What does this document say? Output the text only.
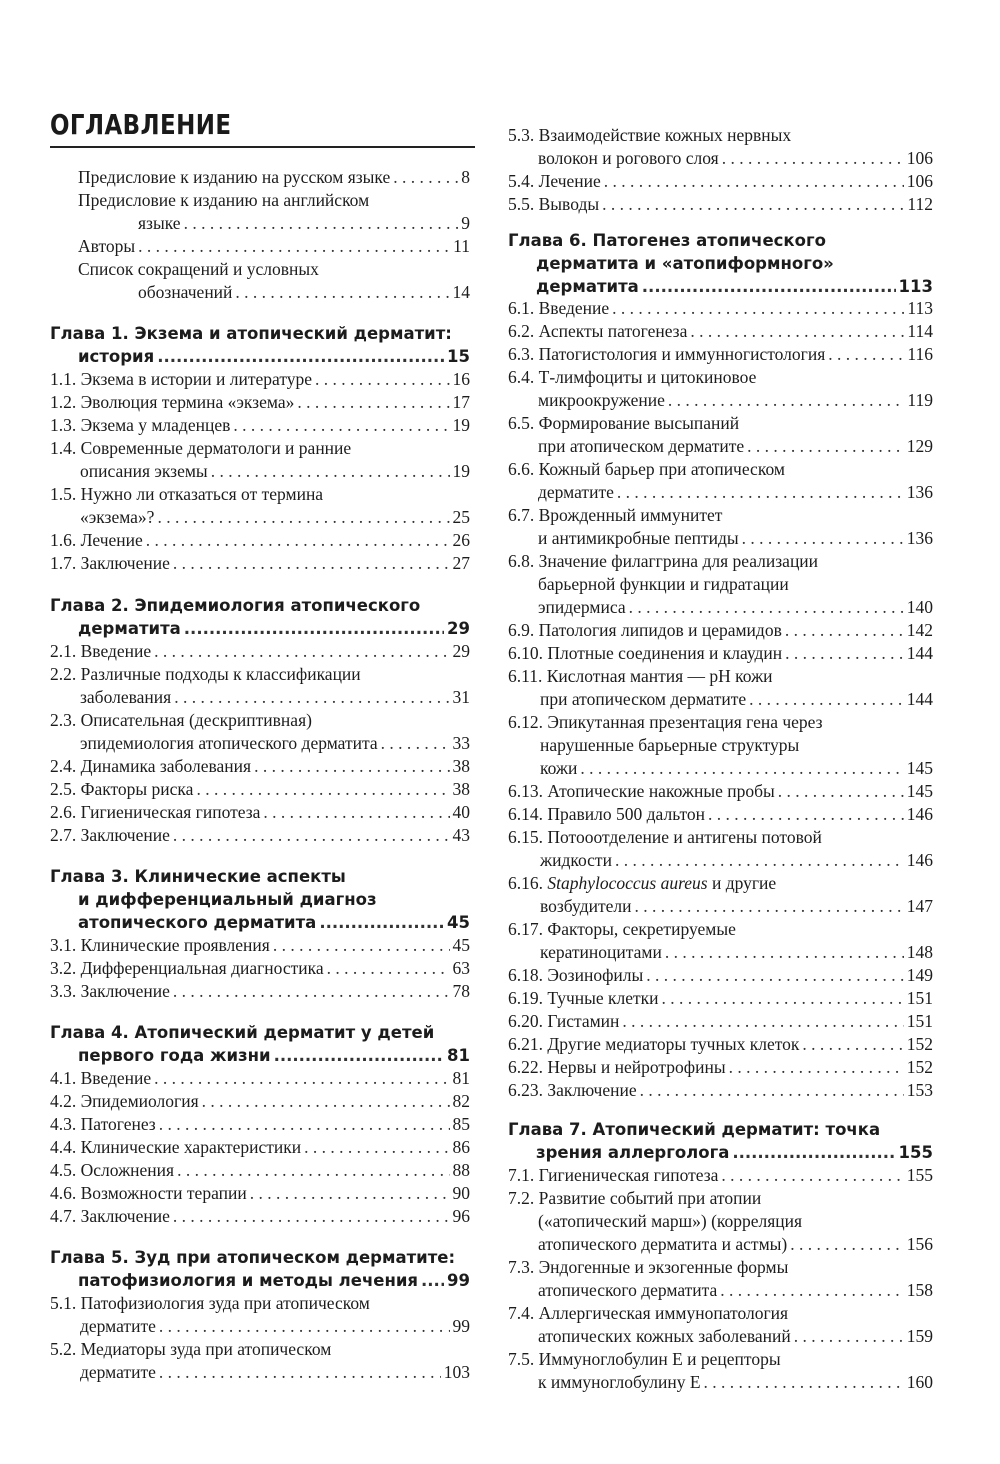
ОГЛАВЛЕНИЕ
Предисловие к изданию на русском языке . . .	8
Предисловие к изданию на английском
языке . . .	9
Авторы . . .	11
Список сокращений и условных
обозначений . . .	14
Глава 1. Экзема и атопический дерматит:
история .....	15
1.1. Экзема в истории и литературе . . .	16
1.2. Эволюция термина «экзема» . . .	17
1.3. Экзема у младенцев . . .	19
1.4. Современные дерматологи и ранние
описания экземы . . .	19
1.5. Нужно ли отказаться от термина
«экзема»? . . .	25
1.6. Лечение . . .	26
1.7. Заключение . . .	27
Глава 2. Эпидемиология атопического
дерматита .....	29
2.1. Введение . . .	29
2.2. Различные подходы к классификации
заболевания . . .	31
2.3. Описательная (дескриптивная)
эпидемиология атопического дерматита . . .	33
2.4. Динамика заболевания . . .	38
2.5. Факторы риска . . .	38
2.6. Гигиеническая гипотеза . . .	40
2.7. Заключение . . .	43
Глава 3. Клинические аспекты
и дифференциальный диагноз
атопического дерматита .....	45
3.1. Клинические проявления . . .	45
3.2. Дифференциальная диагностика . . .	63
3.3. Заключение . . .	78
Глава 4. Атопический дерматит у детей
первого года жизни .....	81
4.1. Введение . . .	81
4.2. Эпидемиология . . .	82
4.3. Патогенез . . .	85
4.4. Клинические характеристики . . .	86
4.5. Осложнения . . .	88
4.6. Возможности терапии . . .	90
4.7. Заключение . . .	96
Глава 5. Зуд при атопическом дерматите:
патофизиология и методы лечения ..... 99
5.1. Патофизиология зуда при атопическом
дерматите . . .	99
5.2. Медиаторы зуда при атопическом
дерматите . . .	103
5.3. Взаимодействие кожных нервных
волокон и рогового слоя . . .	106
5.4. Лечение . . .	106
5.5. Выводы . . .	112
Глава 6. Патогенез атопического
дерматита и «атопиформного»
дерматита .....	113
6.1. Введение . . .	113
6.2. Аспекты патогенеза . . .	114
6.3. Патогистология и иммунногистология . . .	116
6.4. Т-лимфоциты и цитокиновое
микроокружение . . .	119
6.5. Формирование высыпаний
при атопическом дерматите . . .	129
6.6. Кожный барьер при атопическом
дерматите . . .	136
6.7. Врожденный иммунитет
и антимикробные пептиды . . .	136
6.8. Значение филаггрина для реализации
барьерной функции и гидратации
эпидермиса . . .	140
6.9. Патология липидов и церамидов . . .	142
6.10. Плотные соединения и клаудин . . .	144
6.11. Кислотная мантия — pH кожи
при атопическом дерматите . . .	144
6.12. Эпикутанная презентация гена через
нарушенные барьерные структуры
кожи . . .	145
6.13. Атопические накожные пробы . . .	145
6.14. Правило 500 дальтон . . .	146
6.15. Потооотделение и антигены потовой
жидкости . . .	146
6.16. Staphylococcus aureus и другие
возбудители . . .	147
6.17. Факторы, секретируемые
кератиноцитами . . .	148
6.18. Эозинофилы . . .	149
6.19. Тучные клетки . . .	151
6.20. Гистамин . . .	151
6.21. Другие медиаторы тучных клеток . . .	152
6.22. Нервы и нейротрофины . . .	152
6.23. Заключение . . .	153
Глава 7. Атопический дерматит: точка
зрения аллерголога .....	155
7.1. Гигиеническая гипотеза . . .	155
7.2. Развитие событий при атопии
(«атопический марш») (корреляция
атопического дерматита и астмы) . . .	156
7.3. Эндогенные и экзогенные формы
атопического дерматита . . .	158
7.4. Аллергическая иммунопатология
атопических кожных заболеваний . . .	159
7.5. Иммуноглобулин E и рецепторы
к иммуноглобулину E . . .	160
